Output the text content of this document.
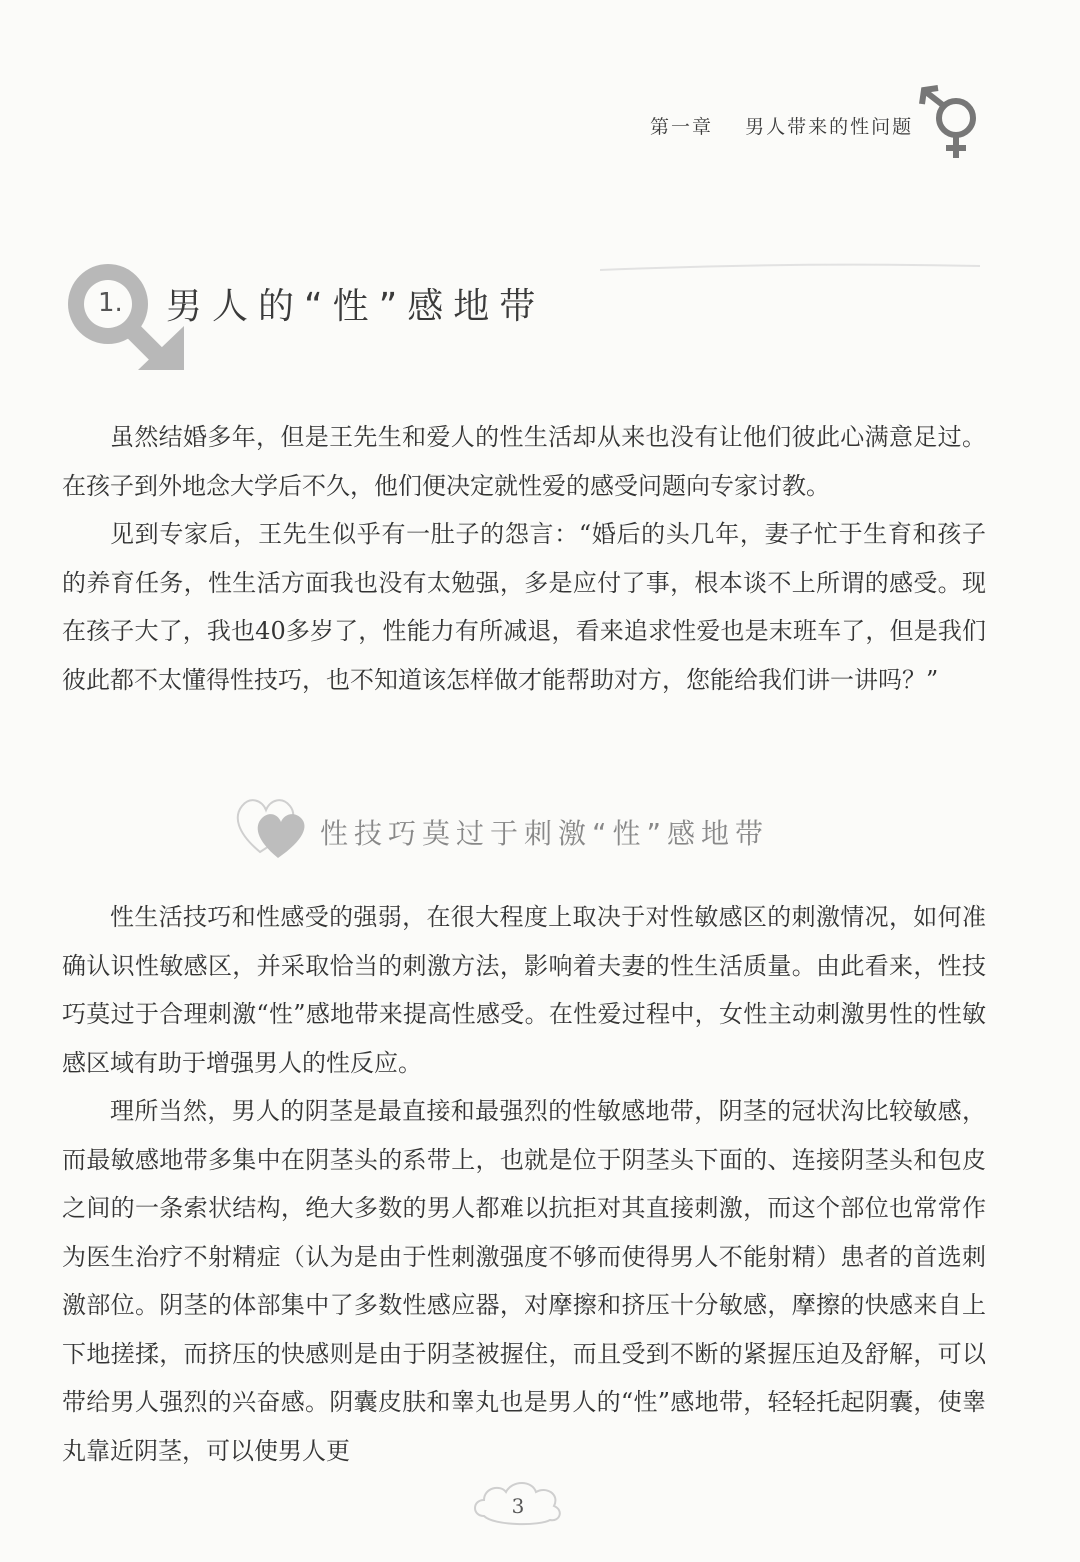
第一章 男人带来的性问题
1. 男人的“性”感地带

虽然结婚多年，但是王先生和爱人的性生活却从来也没有让他们彼此心满意足过。在孩子到外地念大学后不久，他们便决定就性爱的感受问题向专家讨教。

见到专家后，王先生似乎有一肚子的怨言：“婚后的头几年，妻子忙于生育和孩子的养育任务，性生活方面我也没有太勉强，多是应付了事，根本谈不上所谓的感受。现在孩子大了，我也40多岁了，性能力有所减退，看来追求性爱也是末班车了，但是我们彼此都不太懂得性技巧，也不知道该怎样做才能帮助对方，您能给我们讲一讲吗？”

性技巧莫过于刺激“性”感地带

性生活技巧和性感受的强弱，在很大程度上取决于对性敏感区的刺激情况，如何准确认识性敏感区，并采取恰当的刺激方法，影响着夫妻的性生活质量。由此看来，性技巧莫过于合理刺激“性”感地带来提高性感受。在性爱过程中，女性主动刺激男性的性敏感区域有助于增强男人的性反应。

理所当然，男人的阴茎是最直接和最强烈的性敏感地带，阴茎的冠状沟比较敏感，而最敏感地带多集中在阴茎头的系带上，也就是位于阴茎头下面的、连接阴茎头和包皮之间的一条索状结构，绝大多数的男人都难以抗拒对其直接刺激，而这个部位也常常作为医生治疗不射精症（认为是由于性刺激强度不够而使得男人不能射精）患者的首选刺激部位。阴茎的体部集中了多数性感应器，对摩擦和挤压十分敏感，摩擦的快感来自上下地搓揉，而挤压的快感则是由于阴茎被握住，而且受到不断的紧握压迫及舒解，可以带给男人强烈的兴奋感。阴囊皮肤和睾丸也是男人的“性”感地带，轻轻托起阴囊，使睾丸靠近阴茎，可以使男人更

3
